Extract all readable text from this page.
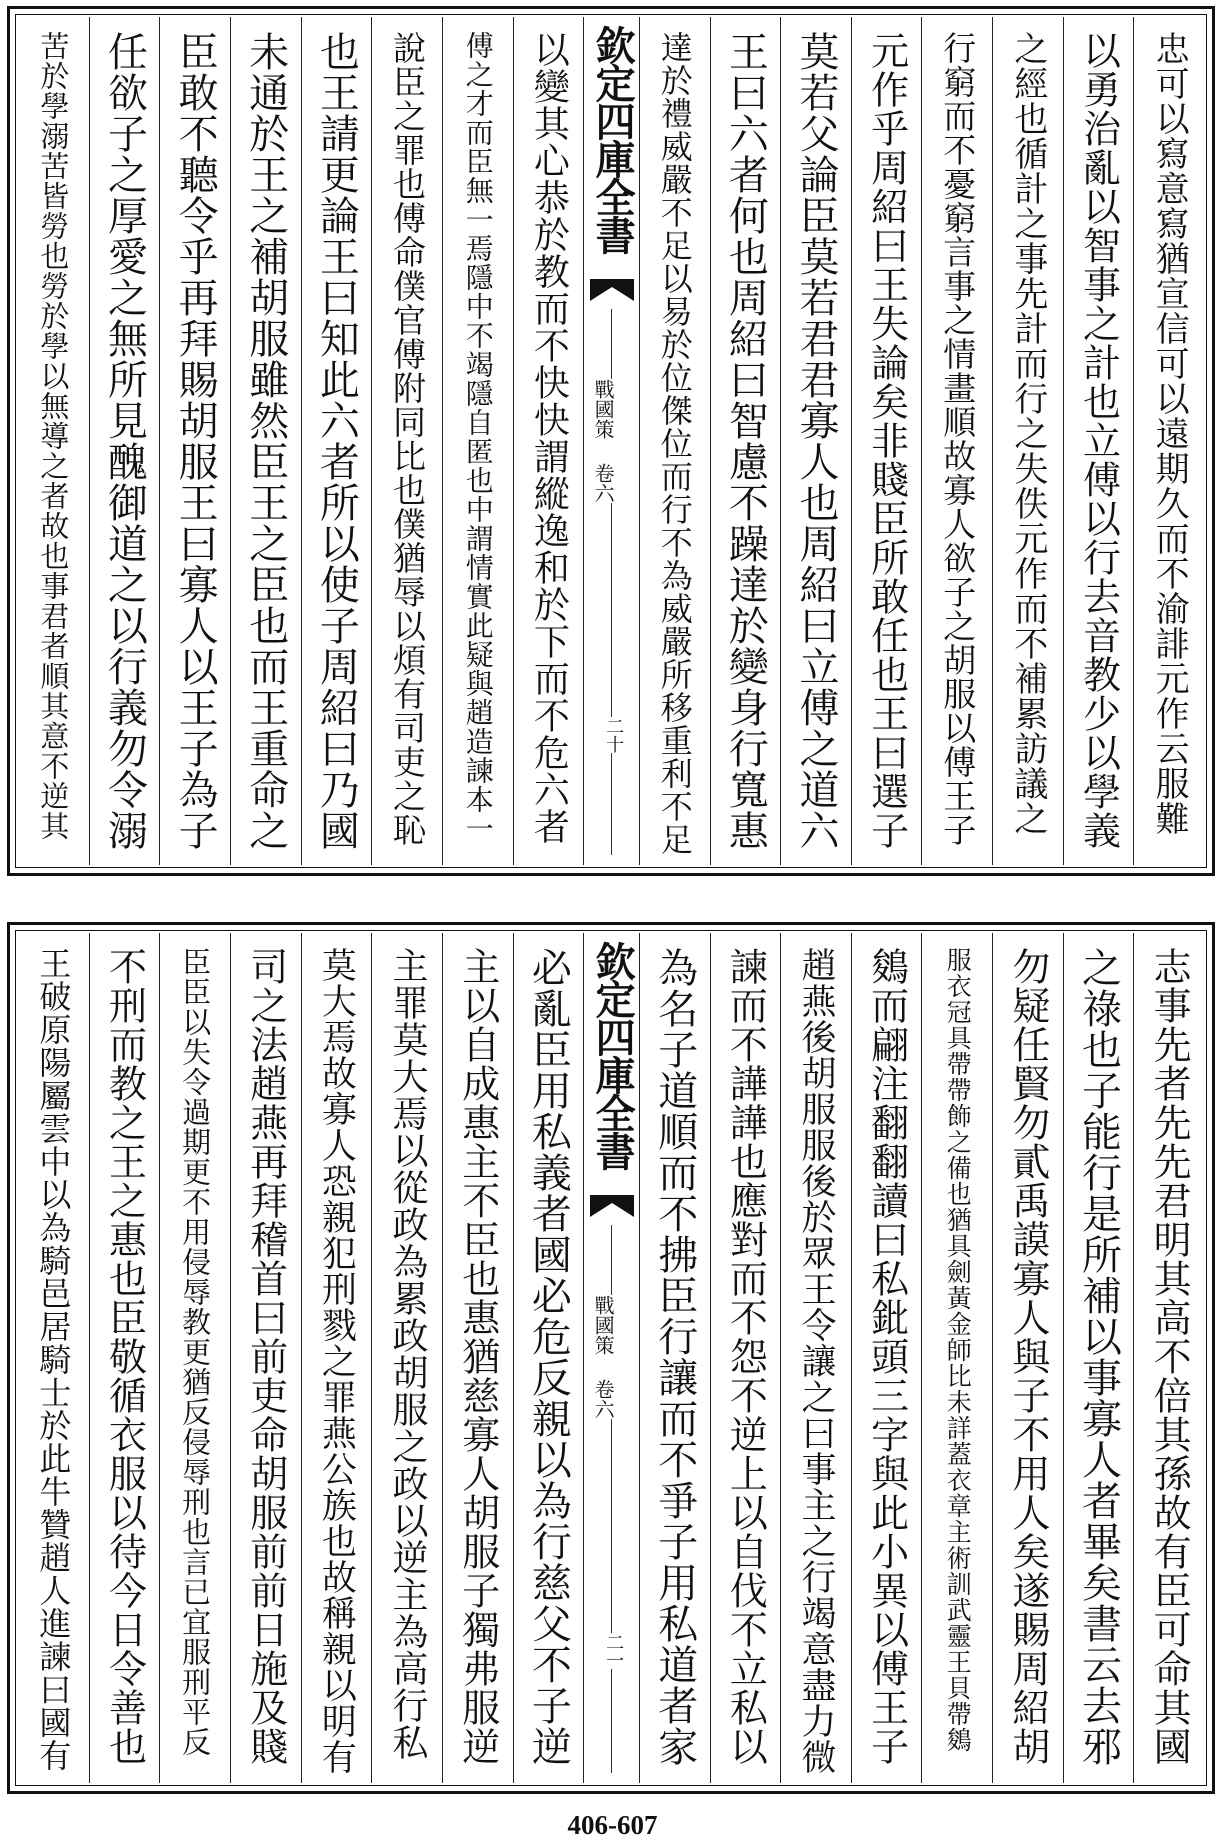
忠可以寫意寫猶宣信可以遠期久而不渝誹元作云服難
以勇治亂以智事之計也立傅以行去音教少以學義
之經也循計之事先計而行之失佚元作而不補累訪議之
行窮而不憂窮言事之情畫順故寡人欲子之胡服以傅王子
元作乎周紹曰王失論矣非賤臣所敢任也王曰選子
莫若父論臣莫若君君寡人也周紹曰立傅之道六
王曰六者何也周紹曰智慮不躁達於變身行寬惠
達於禮威嚴不足以易於位傑位而行不為威嚴所移重利不足
欽定四庫全書
戰國策 卷六
二十
以變其心恭於教而不快快謂縱逸和於下而不危六者
傅之才而臣無一焉隱中不竭隱自匿也中謂情實此疑與趙造諫本一
說臣之罪也傅命僕官傅附同比也僕猶辱以煩有司吏之恥
也王請更論王曰知此六者所以使子周紹曰乃國
未通於王之補胡服雖然臣王之臣也而王重命之
臣敢不聽令乎再拜賜胡服王曰寡人以王子為子
任欲子之厚愛之無所見醜御道之以行義勿令溺
苦於學溺苦皆勞也勞於學以無導之者故也事君者順其意不逆其
志事先者先先君明其高不倍其孫故有臣可命其國
之祿也子能行是所補以事寡人者畢矣書云去邪
勿疑任賢勿貳禹謨寡人與子不用人矣遂賜周紹胡
服衣冠具帶帶飾之備也猶具劍黃金師比未詳蓋衣章主術訓武靈王貝帶鵕
鵕而翩注翻翻讀曰私鈚頭三字與此小異以傅王子
趙燕後胡服服後於眾王令讓之曰事主之行竭意盡力微
諫而不譁譁也應對而不怨不逆上以自伐不立私以
為名子道順而不拂臣行讓而不爭子用私道者家
欽定四庫全書
戰國策 卷六
二一
必亂臣用私義者國必危反親以為行慈父不子逆
主以自成惠主不臣也惠猶慈寡人胡服子獨弗服逆
主罪莫大焉以從政為累政胡服之政以逆主為高行私
莫大焉故寡人恐親犯刑戮之罪燕公族也故稱親以明有
司之法趙燕再拜稽首曰前吏命胡服前前日施及賤
臣臣以失令過期更不用侵辱教更猶反侵辱刑也言已宜服刑平反
不刑而教之王之惠也臣敬循衣服以待今日令善也
王破原陽屬雲中以為騎邑居騎士於此牛贊趙人進諫曰國有
406-607
